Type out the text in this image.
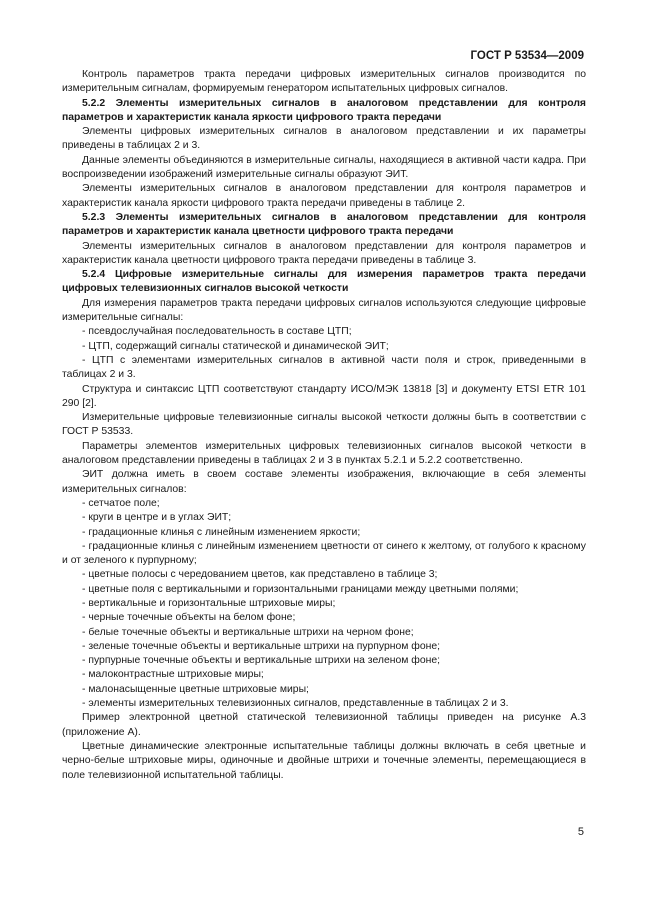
ГОСТ Р 53534—2009

Контроль параметров тракта передачи цифровых измерительных сигналов производится по измерительным сигналам, формируемым генератором испытательных цифровых сигналов.

5.2.2 Элементы измерительных сигналов в аналоговом представлении для контроля параметров и характеристик канала яркости цифрового тракта передачи

Элементы цифровых измерительных сигналов в аналоговом представлении и их параметры приведены в таблицах 2 и 3.

Данные элементы объединяются в измерительные сигналы, находящиеся в активной части кадра. При воспроизведении изображений измерительные сигналы образуют ЭИТ.

Элементы измерительных сигналов в аналоговом представлении для контроля параметров и характеристик канала яркости цифрового тракта передачи приведены в таблице 2.

5.2.3 Элементы измерительных сигналов в аналоговом представлении для контроля параметров и характеристик канала цветности цифрового тракта передачи

Элементы измерительных сигналов в аналоговом представлении для контроля параметров и характеристик канала цветности цифрового тракта передачи приведены в таблице 3.

5.2.4 Цифровые измерительные сигналы для измерения параметров тракта передачи цифровых телевизионных сигналов высокой четкости

Для измерения параметров тракта передачи цифровых сигналов используются следующие цифровые измерительные сигналы:

- псевдослучайная последовательность в составе ЦТП;

- ЦТП, содержащий сигналы статической и динамической ЭИТ;

- ЦТП с элементами измерительных сигналов в активной части поля и строк, приведенными в таблицах 2 и 3.

Структура и синтаксис ЦТП соответствуют стандарту ИСО/МЭК 13818 [3] и документу ETSI ETR 101 290 [2].

Измерительные цифровые телевизионные сигналы высокой четкости должны быть в соответствии с ГОСТ Р 53533.

Параметры элементов измерительных цифровых телевизионных сигналов высокой четкости в аналоговом представлении приведены в таблицах 2 и 3 в пунктах 5.2.1 и 5.2.2 соответственно.

ЭИТ должна иметь в своем составе элементы изображения, включающие в себя элементы измерительных сигналов:

- сетчатое поле;

- круги в центре и в углах ЭИТ;

- градационные клинья с линейным изменением яркости;

- градационные клинья с линейным изменением цветности от синего к желтому, от голубого к красному и от зеленого к пурпурному;

- цветные полосы с чередованием цветов, как представлено в таблице 3;

- цветные поля с вертикальными и горизонтальными границами между цветными полями;

- вертикальные и горизонтальные штриховые миры;

- черные точечные объекты на белом фоне;

- белые точечные объекты и вертикальные штрихи на черном фоне;

- зеленые точечные объекты и вертикальные штрихи на пурпурном фоне;

- пурпурные точечные объекты и вертикальные штрихи на зеленом фоне;

- малоконтрастные штриховые миры;

- малонасыщенные цветные штриховые миры;

- элементы измерительных телевизионных сигналов, представленные в таблицах 2 и 3.

Пример электронной цветной статической телевизионной таблицы приведен на рисунке А.3 (приложение А).

Цветные динамические электронные испытательные таблицы должны включать в себя цветные и черно-белые штриховые миры, одиночные и двойные штрихи и точечные элементы, перемещающиеся в поле телевизионной испытательной таблицы.

5
